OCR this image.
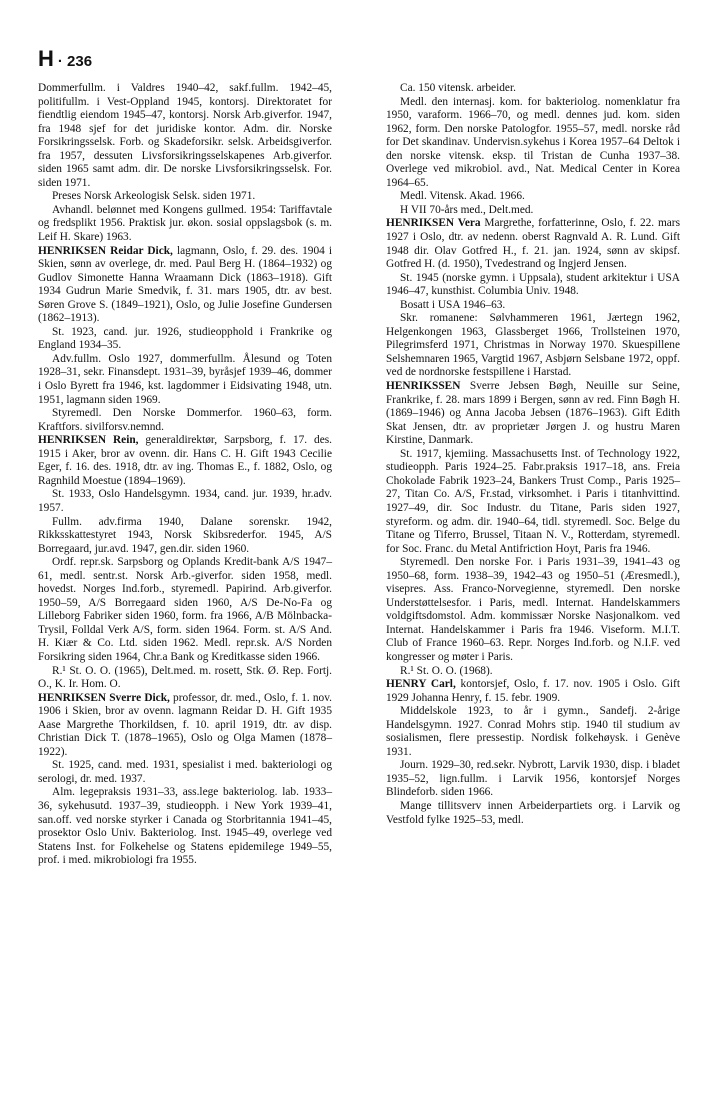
H · 236

Dommerfullm. i Valdres 1940–42, sakf.fullm. 1942–45, politifullm. i Vest-Oppland 1945, kontorsj. Direktoratet for fiendtlig eiendom 1945–47, kontorsj. Norsk Arb.giverfor. 1947, fra 1948 sjef for det juridiske kontor. Adm. dir. Norske Forsikringsselsk. Forb. og Skadeforsikr. selsk. Arbeidsgiverfor. fra 1957, dessuten Livsforsikringsselskapenes Arb.giverfor. siden 1965 samt adm. dir. De norske Livsforsikringsselsk. For. siden 1971.

Preses Norsk Arkeologisk Selsk. siden 1971.

Avhandl. belønnet med Kongens gullmed. 1954: Tariffavtale og fredsplikt 1956. Praktisk jur. økon. sosial oppslagsbok (s. m. Leif H. Skare) 1963.

HENRIKSEN Reidar Dick, lagmann, Oslo, f. 29. des. 1904 i Skien, sønn av overlege, dr. med. Paul Berg H. (1864–1932) og Gudlov Simonette Hanna Wraamann Dick (1863–1918). Gift 1934 Gudrun Marie Smedvik, f. 31. mars 1905, dtr. av best. Søren Grove S. (1849–1921), Oslo, og Julie Josefine Gundersen (1862–1913).

St. 1923, cand. jur. 1926, studieopphold i Frankrike og England 1934–35.

Adv.fullm. Oslo 1927, dommerfullm. Ålesund og Toten 1928–31, sekr. Finansdept. 1931–39, byråsjef 1939–46, dommer i Oslo Byrett fra 1946, kst. lagdommer i Eidsivating 1948, utn. 1951, lagmann siden 1969.

Styremedl. Den Norske Dommerfor. 1960–63, form. Kraftfors. sivilforsv.nemnd.

HENRIKSEN Rein, generaldirektør, Sarpsborg, f. 17. des. 1915 i Aker, bror av ovenn. dir. Hans C. H. Gift 1943 Cecilie Eger, f. 16. des. 1918, dtr. av ing. Thomas E., f. 1882, Oslo, og Ragnhild Moestue (1894–1969).

St. 1933, Oslo Handelsgymn. 1934, cand. jur. 1939, hr.adv. 1957.

Fullm. adv.firma 1940, Dalane sorenskr. 1942, Rikksskattestyret 1943, Norsk Skibsrederfor. 1945, A/S Borregaard, jur.avd. 1947, gen.dir. siden 1960.

Ordf. repr.sk. Sarpsborg og Oplands Kredit-bank A/S 1947–61, medl. sentr.st. Norsk Arb.-giverfor. siden 1958, medl. hovedst. Norges Ind.forb., styremedl. Papirind. Arb.giverfor. 1950–59, A/S Borregaard siden 1960, A/S De-No-Fa og Lilleborg Fabriker siden 1960, form. fra 1966, A/B Mölnbacka-Trysil, Folldal Verk A/S, form. siden 1964. Form. st. A/S And. H. Kiær & Co. Ltd. siden 1962. Medl. repr.sk. A/S Norden Forsikring siden 1964, Chr.a Bank og Kreditkasse siden 1966.

R.¹ St. O. O. (1965), Delt.med. m. rosett, Stk. Ø. Rep. Fortj. O., K. Ir. Hom. O.

HENRIKSEN Sverre Dick, professor, dr. med., Oslo, f. 1. nov. 1906 i Skien, bror av ovenn. lagmann Reidar D. H. Gift 1935 Aase Margrethe Thorkildsen, f. 10. april 1919, dtr. av disp. Christian Dick T. (1878–1965), Oslo og Olga Mamen (1878–1922).

St. 1925, cand. med. 1931, spesialist i med. bakteriologi og serologi, dr. med. 1937.

Alm. legepraksis 1931–33, ass.lege bakteriolog. lab. 1933–36, sykehusutd. 1937–39, studieopph. i New York 1939–41, san.off. ved norske styrker i Canada og Storbritannia 1941–45, prosektor Oslo Univ. Bakteriolog. Inst. 1945–49, overlege ved Statens Inst. for Folkehelse og Statens epidemilege 1949–55, prof. i med. mikrobiologi fra 1955.

Ca. 150 vitensk. arbeider.

Medl. den internasj. kom. for bakteriolog. nomenklatur fra 1950, varaform. 1966–70, og medl. dennes jud. kom. siden 1962, form. Den norske Patologfor. 1955–57, medl. norske råd for Det skandinav. Undervisn.sykehus i Korea 1957–64 Deltok i den norske vitensk. eksp. til Tristan de Cunha 1937–38. Overlege ved mikrobiol. avd., Nat. Medical Center in Korea 1964–65.

Medl. Vitensk. Akad. 1966.

H VII 70-års med., Delt.med.

HENRIKSEN Vera Margrethe, forfatterinne, Oslo, f. 22. mars 1927 i Oslo, dtr. av nedenn. oberst Ragnvald A. R. Lund. Gift 1948 dir. Olav Gotfred H., f. 21. jan. 1924, sønn av skipsf. Gotfred H. (d. 1950), Tvedestrand og Ingjerd Jensen.

St. 1945 (norske gymn. i Uppsala), student arkitektur i USA 1946–47, kunsthist. Columbia Univ. 1948.

Bosatt i USA 1946–63.

Skr. romanene: Sølvhammeren 1961, Jærtegn 1962, Helgenkongen 1963, Glassberget 1966, Trollsteinen 1970, Pilegrimsferd 1971, Christmas in Norway 1970. Skuespillene Selshemnaren 1965, Vargtid 1967, Asbjørn Selsbane 1972, oppf. ved de nordnorske festspillene i Harstad.

HENRIKSSEN Sverre Jebsen Bøgh, Neuille sur Seine, Frankrike, f. 28. mars 1899 i Bergen, sønn av red. Finn Bøgh H. (1869–1946) og Anna Jacoba Jebsen (1876–1963). Gift Edith Skat Jensen, dtr. av proprietær Jørgen J. og hustru Maren Kirstine, Danmark.

St. 1917, kjemiing. Massachusetts Inst. of Technology 1922, studieopph. Paris 1924–25. Fabr.praksis 1917–18, ans. Freia Chokolade Fabrik 1923–24, Bankers Trust Comp., Paris 1925–27, Titan Co. A/S, Fr.stad, virksomhet. i Paris i titanhvittind. 1927–49, dir. Soc Industr. du Titane, Paris siden 1927, styreform. og adm. dir. 1940–64, tidl. styremedl. Soc. Belge du Titane og Tiferro, Brussel, Titaan N. V., Rotterdam, styremedl. for Soc. Franc. du Metal Antifriction Hoyt, Paris fra 1946.

Styremedl. Den norske For. i Paris 1931–39, 1941–43 og 1950–68, form. 1938–39, 1942–43 og 1950–51 (Æresmedl.), visepres. Ass. Franco-Norvegienne, styremedl. Den norske Understøttelsesfor. i Paris, medl. Internat. Handelskammers voldgiftsdomstol. Adm. kommissær Norske Nasjonalkom. ved Internat. Handelskammer i Paris fra 1946. Viseform. M.I.T. Club of France 1960–63. Repr. Norges Ind.forb. og N.I.F. ved kongresser og møter i Paris.

R.¹ St. O. O. (1968).

HENRY Carl, kontorsjef, Oslo, f. 17. nov. 1905 i Oslo. Gift 1929 Johanna Henry, f. 15. febr. 1909.

Middelskole 1923, to år i gymn., Sandefj. 2-årige Handelsgymn. 1927. Conrad Mohrs stip. 1940 til studium av sosialismen, flere pressestip. Nordisk folkehøysk. i Genève 1931.

Journ. 1929–30, red.sekr. Nybrott, Larvik 1930, disp. i bladet 1935–52, lign.fullm. i Larvik 1956, kontorsjef Norges Blindeforb. siden 1966.

Mange tillitsverv innen Arbeiderpartiets org. i Larvik og Vestfold fylke 1925–53, medl.
